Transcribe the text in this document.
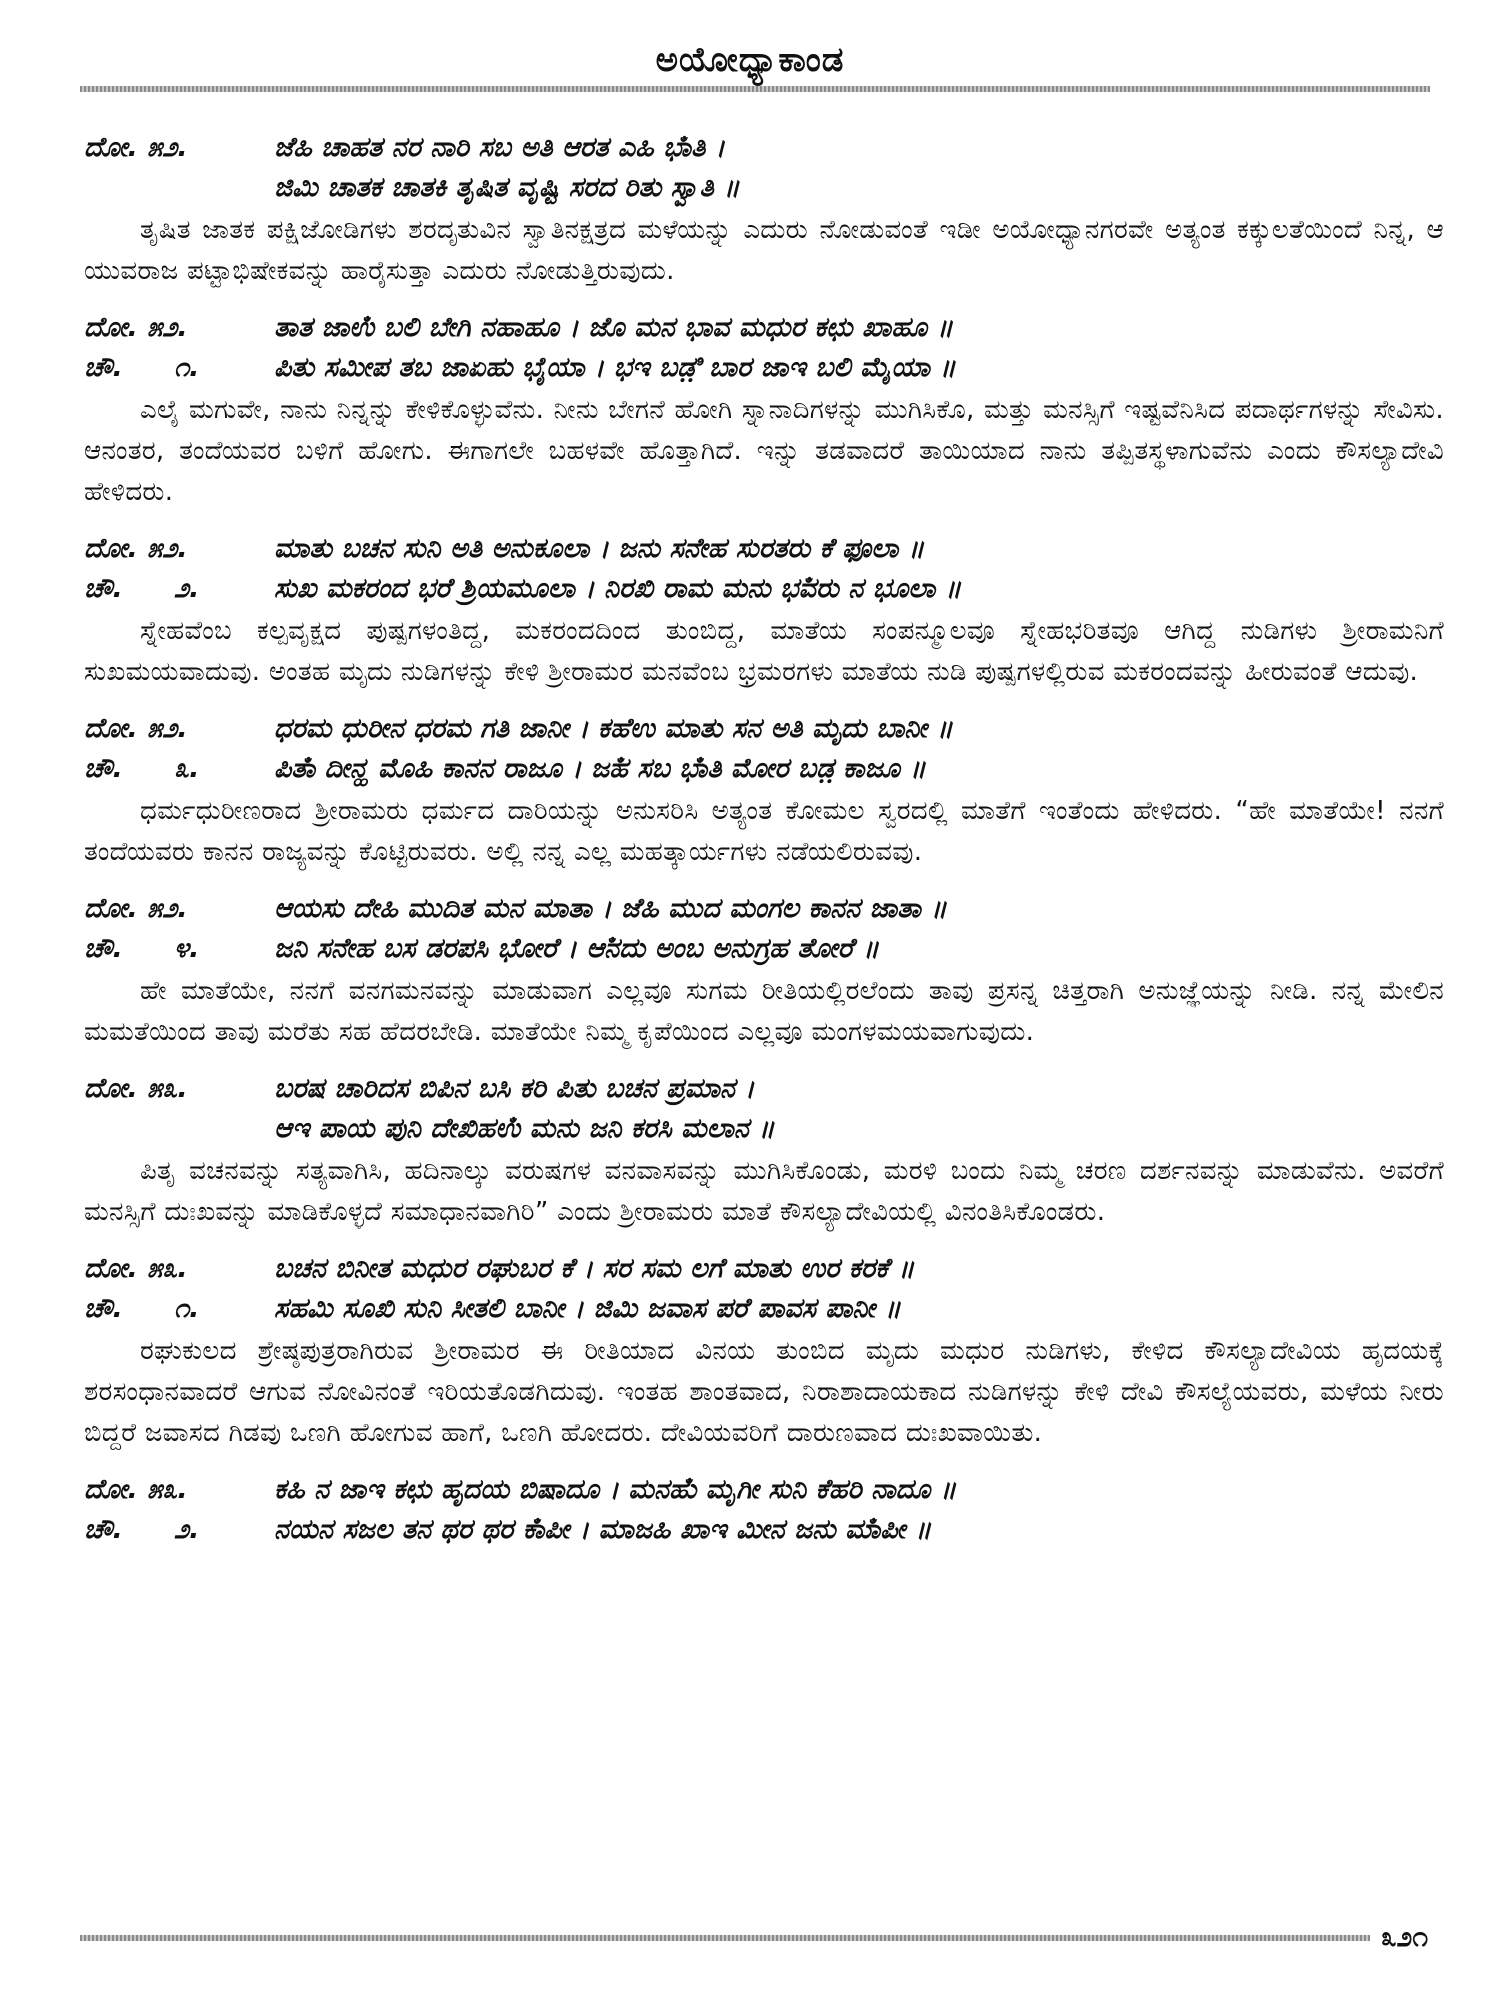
ಅಯೋಧ್ಯಾಕಾಂಡ
ದೋ. ೫೨.	ಜೆಹಿ ಚಾಹತ ನರ ನಾರಿ ಸಬ ಅತಿ ಆರತ ಎಹಿ ಭಾಁತಿ ।
ಜಿಮಿ ಚಾತಕ ಚಾತಕಿ ತೃಷಿತ ವೃಷ್ಟಿ ಸರದ ರಿತು ಸ್ವಾತಿ ॥

ತೃಷಿತ ಜಾತಕ ಪಕ್ಷಿಜೋಡಿಗಳು ಶರದೃತುವಿನ ಸ್ವಾತಿನಕ್ಷತ್ರದ ಮಳೆಯನ್ನು ಎದುರು ನೋಡುವಂತೆ ಇಡೀ ಅಯೋಧ್ಯಾನಗರವೇ ಅತ್ಯಂತ ಕಕ್ಕುಲತೆಯಿಂದೆ ನಿನ್ನ, ಆ ಯುವರಾಜ ಪಟ್ಟಾಭಿಷೇಕವನ್ನು ಹಾರೈಸುತ್ತಾ ಎದುರು ನೋಡುತ್ತಿರುವುದು.

ದೋ. ೫೨.	ತಾತ ಜಾಉಁ ಬಲಿ ಬೇಗಿ ನಹಾಹೂ । ಜೊ ಮನ ಭಾವ ಮಧುರ ಕಛು ಖಾಹೂ ॥
ಚೌ.	೧.	ಪಿತು ಸಮೀಪ ತಬ ಜಾಏಹು ಭೈಯಾ । ಭಇ ಬಡ಼ಿ ಬಾರ ಜಾಇ ಬಲಿ ಮೈಯಾ ॥

ಎಲೈ ಮಗುವೇ, ನಾನು ನಿನ್ನನ್ನು ಕೇಳಿಕೊಳ್ಳುವೆನು. ನೀನು ಬೇಗನೆ ಹೋಗಿ ಸ್ನಾನಾದಿಗಳನ್ನು ಮುಗಿಸಿಕೊ, ಮತ್ತು ಮನಸ್ಸಿಗೆ ಇಷ್ಟವೆನಿಸಿದ ಪದಾರ್ಥಗಳನ್ನು ಸೇವಿಸು. ಆನಂತರ, ತಂದೆಯವರ ಬಳಿಗೆ ಹೋಗು. ಈಗಾಗಲೇ ಬಹಳವೇ ಹೊತ್ತಾಗಿದೆ. ಇನ್ನು ತಡವಾದರೆ ತಾಯಿಯಾದ ನಾನು ತಪ್ಪಿತಸ್ಥಳಾಗುವೆನು ಎಂದು ಕೌಸಲ್ಯಾದೇವಿ ಹೇಳಿದರು.

ದೋ. ೫೨.	ಮಾತು ಬಚನ ಸುನಿ ಅತಿ ಅನುಕೂಲಾ । ಜನು ಸನೇಹ ಸುರತರು ಕೆ ಫೂಲಾ ॥
ಚೌ.	೨.	ಸುಖ ಮಕರಂದ ಭರೆ ಶ್ರಿಯಮೂಲಾ । ನಿರಖಿ ರಾಮ ಮನು ಭವಁರು ನ ಭೂಲಾ ॥

ಸ್ನೇಹವೆಂಬ ಕಲ್ಪವೃಕ್ಷದ ಪುಷ್ಪಗಳಂತಿದ್ದ, ಮಕರಂದದಿಂದ ತುಂಬಿದ್ದ, ಮಾತೆಯ ಸಂಪನ್ಮೂಲವೂ ಸ್ನೇಹಭರಿತವೂ ಆಗಿದ್ದ ನುಡಿಗಳು ಶ್ರೀರಾಮನಿಗೆ ಸುಖಮಯವಾದುವು. ಅಂತಹ ಮೃದು ನುಡಿಗಳನ್ನು ಕೇಳಿ ಶ್ರೀರಾಮರ ಮನವೆಂಬ ಭ್ರಮರಗಳು ಮಾತೆಯ ನುಡಿ ಪುಷ್ಪಗಳಲ್ಲಿರುವ ಮಕರಂದವನ್ನು ಹೀರುವಂತೆ ಆದುವು.

ದೋ. ೫೨.	ಧರಮ ಧುರೀನ ಧರಮ ಗತಿ ಜಾನೀ । ಕಹೆಉ ಮಾತು ಸನ ಅತಿ ಮೃದು ಬಾನೀ ॥
ಚೌ.	೩.	ಪಿತಾಁ ದೀನ್ಹ ಮೊಹಿ ಕಾನನ ರಾಜೂ । ಜಹಁ ಸಬ ಭಾಁತಿ ಮೋರ ಬಡ಼ ಕಾಜೂ ॥

ಧರ್ಮಧುರೀಣರಾದ ಶ್ರೀರಾಮರು ಧರ್ಮದ ದಾರಿಯನ್ನು ಅನುಸರಿಸಿ ಅತ್ಯಂತ ಕೋಮಲ ಸ್ವರದಲ್ಲಿ ಮಾತೆಗೆ ಇಂತೆಂದು ಹೇಳಿದರು. “ಹೇ ಮಾತೆಯೇ! ನನಗೆ ತಂದೆಯವರು ಕಾನನ ರಾಜ್ಯವನ್ನು ಕೊಟ್ಟಿರುವರು. ಅಲ್ಲಿ ನನ್ನ ಎಲ್ಲ ಮಹತ್ಕಾರ್ಯಗಳು ನಡೆಯಲಿರುವವು.

ದೋ. ೫೨.	ಆಯಸು ದೇಹಿ ಮುದಿತ ಮನ ಮಾತಾ । ಜೆಹಿ ಮುದ ಮಂಗಲ ಕಾನನ ಜಾತಾ ॥
ಚೌ.	೪.	ಜನಿ ಸನೇಹ ಬಸ ಡರಪಸಿ ಭೋರೆ । ಆನಁದು ಅಂಬ ಅನುಗ್ರಹ ತೋರೆ ॥

ಹೇ ಮಾತೆಯೇ, ನನಗೆ ವನಗಮನವನ್ನು ಮಾಡುವಾಗ ಎಲ್ಲವೂ ಸುಗಮ ರೀತಿಯಲ್ಲಿರಲೆಂದು ತಾವು ಪ್ರಸನ್ನ ಚಿತ್ತರಾಗಿ ಅನುಜ್ಞೆಯನ್ನು ನೀಡಿ. ನನ್ನ ಮೇಲಿನ ಮಮತೆಯಿಂದ ತಾವು ಮರೆತು ಸಹ ಹೆದರಬೇಡಿ. ಮಾತೆಯೇ ನಿಮ್ಮ ಕೃಪೆಯಿಂದ ಎಲ್ಲವೂ ಮಂಗಳಮಯವಾಗುವುದು.

ದೋ. ೫೩.	ಬರಷ ಚಾರಿದಸ ಬಿಪಿನ ಬಸಿ ಕರಿ ಪಿತು ಬಚನ ಪ್ರಮಾನ ।
ಆಇ ಪಾಯ ಪುನಿ ದೇಖಿಹಉಁ ಮನು ಜನಿ ಕರಸಿ ಮಲಾನ ॥

ಪಿತೃ ವಚನವನ್ನು ಸತ್ಯವಾಗಿಸಿ, ಹದಿನಾಲ್ಕು ವರುಷಗಳ ವನವಾಸವನ್ನು ಮುಗಿಸಿಕೊಂಡು, ಮರಳಿ ಬಂದು ನಿಮ್ಮ ಚರಣ ದರ್ಶನವನ್ನು ಮಾಡುವೆನು. ಅವರೆಗೆ ಮನಸ್ಸಿಗೆ ದುಃಖವನ್ನು ಮಾಡಿಕೊಳ್ಳದೆ ಸಮಾಧಾನವಾಗಿರಿ” ಎಂದು ಶ್ರೀರಾಮರು ಮಾತೆ ಕೌಸಲ್ಯಾದೇವಿಯಲ್ಲಿ ವಿನಂತಿಸಿಕೊಂಡರು.

ದೋ. ೫೩.	ಬಚನ ಬಿನೀತ ಮಧುರ ರಘುಬರ ಕೆ । ಸರ ಸಮ ಲಗೆ ಮಾತು ಉರ ಕರಕೆ ॥
ಚೌ.	೧.	ಸಹಮಿ ಸೂಖಿ ಸುನಿ ಸೀತಲಿ ಬಾನೀ । ಜಿಮಿ ಜವಾಸ ಪರೆ ಪಾವಸ ಪಾನೀ ॥

ರಘುಕುಲದ ಶ್ರೇಷ್ಠಪುತ್ರರಾಗಿರುವ ಶ್ರೀರಾಮರ ಈ ರೀತಿಯಾದ ವಿನಯ ತುಂಬಿದ ಮೃದು ಮಧುರ ನುಡಿಗಳು, ಕೇಳಿದ ಕೌಸಲ್ಯಾದೇವಿಯ ಹೃದಯಕ್ಕೆ ಶರಸಂಧಾನವಾದರೆ ಆಗುವ ನೋವಿನಂತೆ ಇರಿಯತೊಡಗಿದುವು. ಇಂತಹ ಶಾಂತವಾದ, ನಿರಾಶಾದಾಯಕಾದ ನುಡಿಗಳನ್ನು ಕೇಳಿ ದೇವಿ ಕೌಸಲ್ಯೆಯವರು, ಮಳೆಯ ನೀರು ಬಿದ್ದರೆ ಜವಾಸದ ಗಿಡವು ಒಣಗಿ ಹೋಗುವ ಹಾಗೆ, ಒಣಗಿ ಹೋದರು. ದೇವಿಯವರಿಗೆ ದಾರುಣವಾದ ದುಃಖವಾಯಿತು.

ದೋ. ೫೩.	ಕಹಿ ನ ಜಾಇ ಕಛು ಹೃದಯ ಬಿಷಾದೂ । ಮನಹುಁ ಮೃಗೀ ಸುನಿ ಕೆಹರಿ ನಾದೂ ॥
ಚೌ.	೨.	ನಯನ ಸಜಲ ತನ ಥರ ಥರ ಕಾಁಪೀ । ಮಾಜಹಿ ಖಾಇ ಮೀನ ಜನು ಮಾಁಪೀ ॥
೩೨೧
